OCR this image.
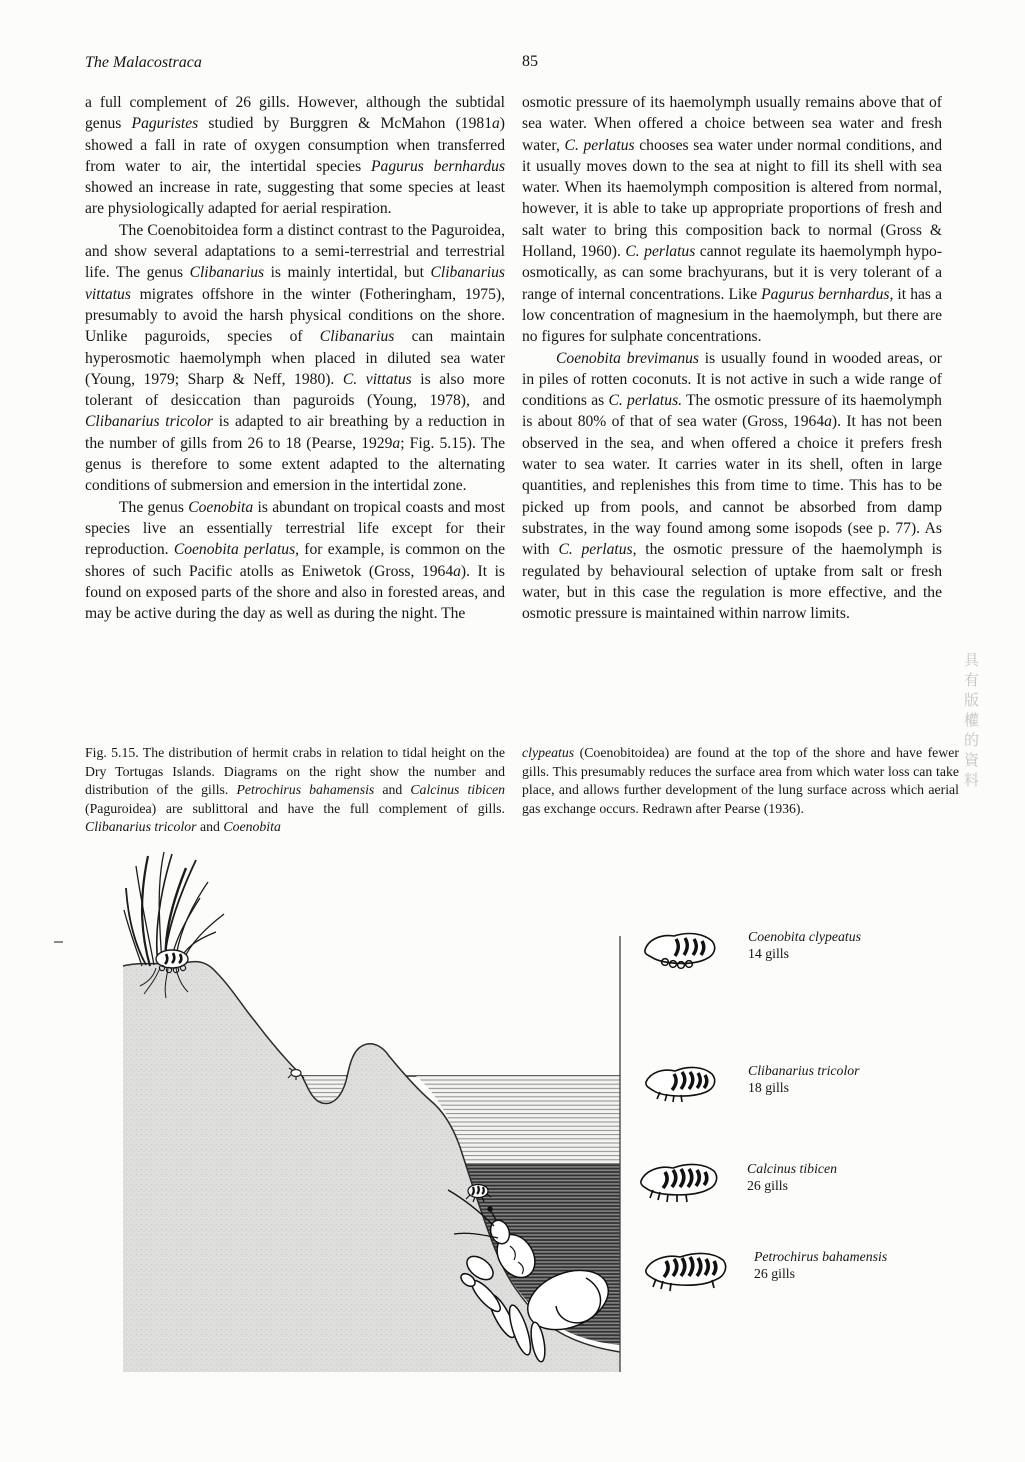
The Malacostraca	85

a full complement of 26 gills. However, although the subtidal genus Paguristes studied by Burggren & McMahon (1981a) showed a fall in rate of oxygen consumption when transferred from water to air, the intertidal species Pagurus bernhardus showed an increase in rate, suggesting that some species at least are physiologically adapted for aerial respiration.

The Coenobitoidea form a distinct contrast to the Paguroidea, and show several adaptations to a semi-terrestrial and terrestrial life. The genus Clibanarius is mainly intertidal, but Clibanarius vittatus migrates offshore in the winter (Fotheringham, 1975), presumably to avoid the harsh physical conditions on the shore. Unlike paguroids, species of Clibanarius can maintain hyperosmotic haemolymph when placed in diluted sea water (Young, 1979; Sharp & Neff, 1980). C. vittatus is also more tolerant of desiccation than paguroids (Young, 1978), and Clibanarius tricolor is adapted to air breathing by a reduction in the number of gills from 26 to 18 (Pearse, 1929a; Fig. 5.15). The genus is therefore to some extent adapted to the alternating conditions of submersion and emersion in the intertidal zone.

The genus Coenobita is abundant on tropical coasts and most species live an essentially terrestrial life except for their reproduction. Coenobita perlatus, for example, is common on the shores of such Pacific atolls as Eniwetok (Gross, 1964a). It is found on exposed parts of the shore and also in forested areas, and may be active during the day as well as during the night. The

osmotic pressure of its haemolymph usually remains above that of sea water. When offered a choice between sea water and fresh water, C. perlatus chooses sea water under normal conditions, and it usually moves down to the sea at night to fill its shell with sea water. When its haemolymph composition is altered from normal, however, it is able to take up appropriate proportions of fresh and salt water to bring this composition back to normal (Gross & Holland, 1960). C. perlatus cannot regulate its haemolymph hypo-osmotically, as can some brachyurans, but it is very tolerant of a range of internal concentrations. Like Pagurus bernhardus, it has a low concentration of magnesium in the haemolymph, but there are no figures for sulphate concentrations.

Coenobita brevimanus is usually found in wooded areas, or in piles of rotten coconuts. It is not active in such a wide range of conditions as C. perlatus. The osmotic pressure of its haemolymph is about 80% of that of sea water (Gross, 1964a). It has not been observed in the sea, and when offered a choice it prefers fresh water to sea water. It carries water in its shell, often in large quantities, and replenishes this from time to time. This has to be picked up from pools, and cannot be absorbed from damp substrates, in the way found among some isopods (see p. 77). As with C. perlatus, the osmotic pressure of the haemolymph is regulated by behavioural selection of uptake from salt or fresh water, but in this case the regulation is more effective, and the osmotic pressure is maintained within narrow limits.

Fig. 5.15. The distribution of hermit crabs in relation to tidal height on the Dry Tortugas Islands. Diagrams on the right show the number and distribution of the gills. Petrochirus bahamensis and Calcinus tibicen (Paguroidea) are sublittoral and have the full complement of gills. Clibanarius tricolor and Coenobita
clypeatus (Coenobitoidea) are found at the top of the shore and have fewer gills. This presumably reduces the surface area from which water loss can take place, and allows further development of the lung surface across which aerial gas exchange occurs. Redrawn after Pearse (1936).
具有版權的資料
Coenobita clypeatus
14 gills
Clibanarius tricolor
18 gills
Calcinus tibicen
26 gills
Petrochirus bahamensis
26 gills
